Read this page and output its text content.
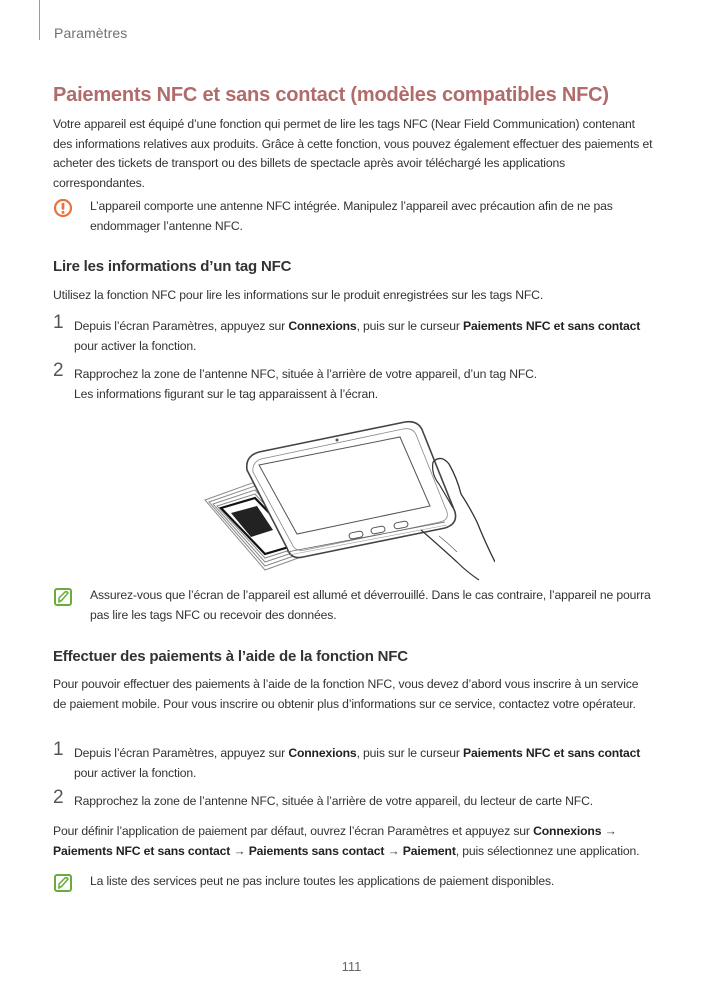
Paramètres
Paiements NFC et sans contact (modèles compatibles NFC)
Votre appareil est équipé d’une fonction qui permet de lire les tags NFC (Near Field Communication) contenant des informations relatives aux produits. Grâce à cette fonction, vous pouvez également effectuer des paiements et acheter des tickets de transport ou des billets de spectacle après avoir téléchargé les applications correspondantes.
L’appareil comporte une antenne NFC intégrée. Manipulez l’appareil avec précaution afin de ne pas endommager l’antenne NFC.
Lire les informations d’un tag NFC
Utilisez la fonction NFC pour lire les informations sur le produit enregistrées sur les tags NFC.
1 Depuis l’écran Paramètres, appuyez sur Connexions, puis sur le curseur Paiements NFC et sans contact pour activer la fonction.
2 Rapprochez la zone de l’antenne NFC, située à l’arrière de votre appareil, d’un tag NFC.
Les informations figurant sur le tag apparaissent à l’écran.
Assurez-vous que l’écran de l’appareil est allumé et déverrouillé. Dans le cas contraire, l’appareil ne pourra pas lire les tags NFC ou recevoir des données.
Effectuer des paiements à l’aide de la fonction NFC
Pour pouvoir effectuer des paiements à l’aide de la fonction NFC, vous devez d’abord vous inscrire à un service de paiement mobile. Pour vous inscrire ou obtenir plus d’informations sur ce service, contactez votre opérateur.
1 Depuis l’écran Paramètres, appuyez sur Connexions, puis sur le curseur Paiements NFC et sans contact pour activer la fonction.
2 Rapprochez la zone de l’antenne NFC, située à l’arrière de votre appareil, du lecteur de carte NFC.
Pour définir l’application de paiement par défaut, ouvrez l’écran Paramètres et appuyez sur Connexions → Paiements NFC et sans contact → Paiements sans contact → Paiement, puis sélectionnez une application.
La liste des services peut ne pas inclure toutes les applications de paiement disponibles.
111
